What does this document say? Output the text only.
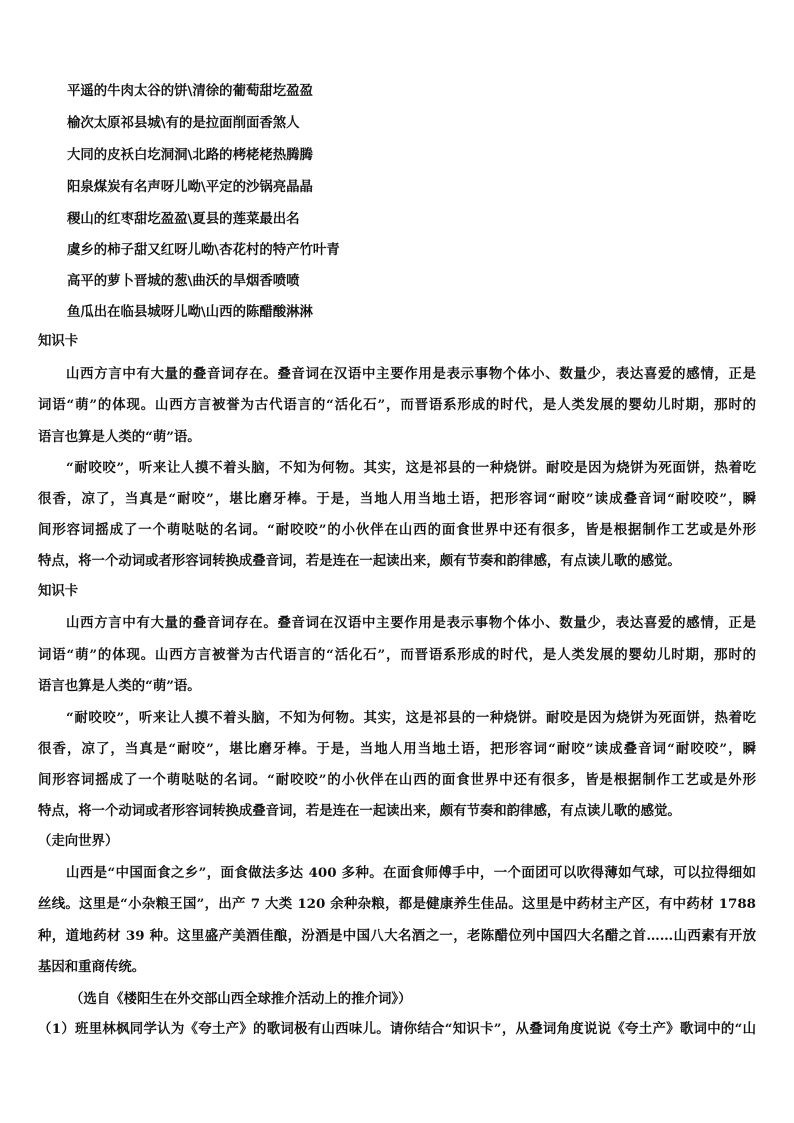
平遥的牛肉太谷的饼\清徐的葡萄甜圪盈盈
榆次太原祁县城\有的是拉面削面香煞人
大同的皮袄白圪洞洞\北路的栲栳栳热腾腾
阳泉煤炭有名声呀儿呦\平定的沙锅亮晶晶
稷山的红枣甜圪盈盈\夏县的莲菜最出名
虞乡的柿子甜又红呀儿呦\杏花村的特产竹叶青
高平的萝卜晋城的葱\曲沃的旱烟香喷喷
鱼瓜出在临县城呀儿呦\山西的陈醋酸淋淋
知识卡
山西方言中有大量的叠音词存在。叠音词在汉语中主要作用是表示事物个体小、数量少，表达喜爱的感情，正是
词语“萌”的体现。山西方言被誉为古代语言的“活化石”，而晋语系形成的时代，是人类发展的婴幼儿时期，那时的
语言也算是人类的“萌”语。
“耐咬咬”，听来让人摸不着头脑，不知为何物。其实，这是祁县的一种烧饼。耐咬是因为烧饼为死面饼，热着吃
很香，凉了，当真是“耐咬”，堪比磨牙棒。于是，当地人用当地土语，把形容词“耐咬”读成叠音词“耐咬咬”，瞬
间形容词摇成了一个萌哒哒的名词。“耐咬咬”的小伙伴在山西的面食世界中还有很多，皆是根据制作工艺或是外形
特点，将一个动词或者形容词转换成叠音词，若是连在一起读出来，颇有节奏和韵律感，有点读儿歌的感觉。
知识卡
山西方言中有大量的叠音词存在。叠音词在汉语中主要作用是表示事物个体小、数量少，表达喜爱的感情，正是
词语“萌”的体现。山西方言被誉为古代语言的“活化石”，而晋语系形成的时代，是人类发展的婴幼儿时期，那时的
语言也算是人类的“萌”语。
“耐咬咬”，听来让人摸不着头脑，不知为何物。其实，这是祁县的一种烧饼。耐咬是因为烧饼为死面饼，热着吃
很香，凉了，当真是“耐咬”，堪比磨牙棒。于是，当地人用当地土语，把形容词“耐咬”读成叠音词“耐咬咬”，瞬
间形容词摇成了一个萌哒哒的名词。“耐咬咬”的小伙伴在山西的面食世界中还有很多，皆是根据制作工艺或是外形
特点，将一个动词或者形容词转换成叠音词，若是连在一起读出来，颇有节奏和韵律感，有点读儿歌的感觉。
（走向世界）
山西是“中国面食之乡”，面食做法多达 400 多种。在面食师傅手中，一个面团可以吹得薄如气球，可以拉得细如
丝线。这里是“小杂粮王国”，出产 7 大类 120 余种杂粮，都是健康养生佳品。这里是中药材主产区，有中药材 1788
种，道地药材 39 种。这里盛产美酒佳酿，汾酒是中国八大名酒之一，老陈醋位列中国四大名醋之首……山西素有开放
基因和重商传统。
（选自《楼阳生在外交部山西全球推介活动上的推介词》）
（1）班里林枫同学认为《夸土产》的歌词极有山西味儿。请你结合“知识卡”，从叠词角度说说《夸土产》歌词中的“山
